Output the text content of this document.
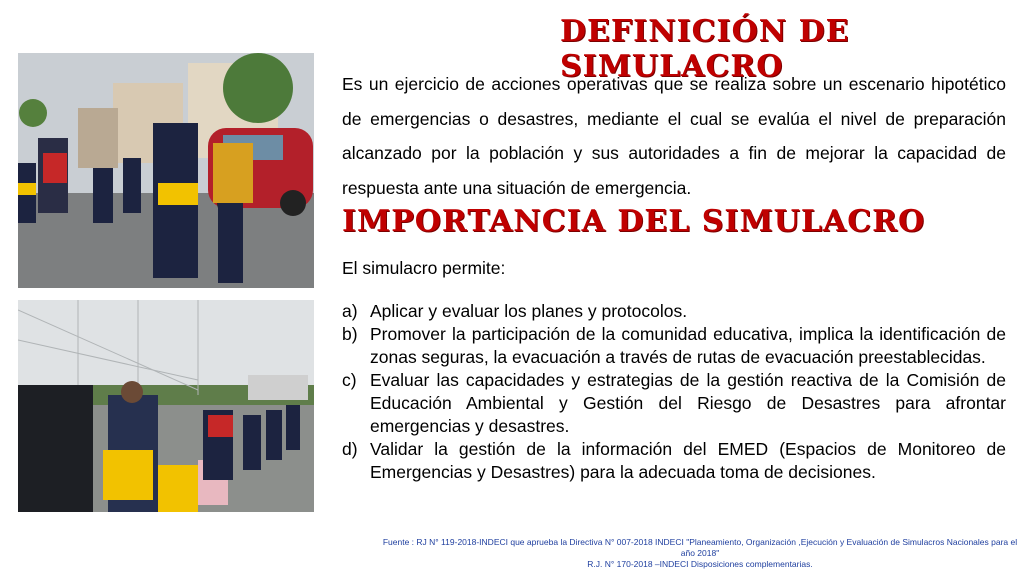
DEFINICIÓN DE SIMULACRO
Es un ejercicio de acciones operativas que se realiza sobre un escenario hipotético de emergencias o desastres, mediante el cual se evalúa el nivel de preparación alcanzado por la población y sus autoridades a fin de mejorar la capacidad de respuesta ante una situación de emergencia.
IMPORTANCIA DEL SIMULACRO
El simulacro permite:
a) Aplicar y evaluar los planes y protocolos.
b) Promover la participación de la comunidad educativa, implica la identificación de zonas seguras, la evacuación a través de rutas de evacuación preestablecidas.
c) Evaluar las capacidades y estrategias de la gestión reactiva de la Comisión de Educación Ambiental y Gestión del Riesgo de Desastres para afrontar emergencias y desastres.
d) Validar la gestión de la información del EMED (Espacios de Monitoreo de Emergencias y Desastres) para la adecuada toma de decisiones.
Fuente : RJ N° 119-2018-INDECI que aprueba la Directiva N° 007-2018 INDECI "Planeamiento, Organización ,Ejecución y Evaluación de Simulacros Nacionales para el año 2018"
R.J. N° 170-2018 –INDECI Disposiciones complementarias.
